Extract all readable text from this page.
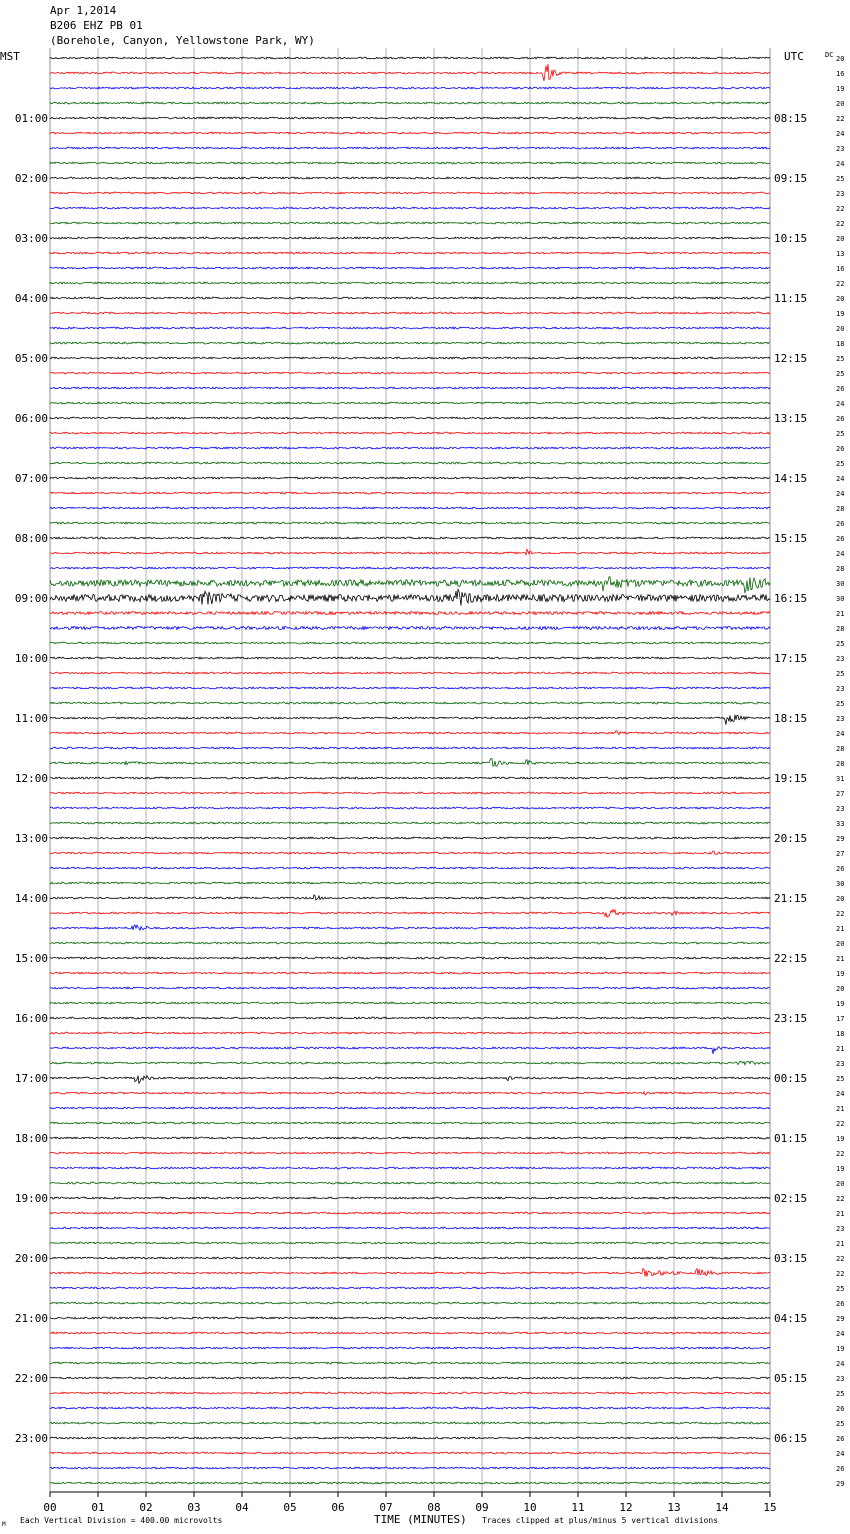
Apr 1,2014
B206 EHZ PB 01
(Borehole, Canyon, Yellowstone Park, WY)
00	01	02	03	04	05	06	07	08	09	10	11	12	13	14	15
01:00	08:15
02:00	09:15
03:00	10:15
04:00	11:15
05:00	12:15
06:00	13:15
07:00	14:15
08:00	15:15
09:00	16:15
10:00	17:15
11:00	18:15
12:00	19:15
13:00	20:15
14:00	21:15
15:00	22:15
16:00	23:15
17:00	00:15
18:00	01:15
19:00	02:15
20:00	03:15
21:00	04:15
22:00	05:15
23:00	06:15
20
16
19
20
22
24
23
24
25
23
22
22
20
13
16
22
20
19
20
18
25
25
26
24
26
25
26
25
24
24
28
26
26
24
28
30
30
21
28
25
23
25
23
25
23
24
28
28
31
27
23
33
29
27
26
30
20
22
21
20
21
19
20
19
17
18
21
23
25
24
21
22
19
22
19
20
22
21
23
21
22
22
25
26
29
24
19
24
23
25
26
25
26
24
26
29
MST	UTC	DC
TIME (MINUTES)
M Each Vertical Division = 400.00 microvolts	Traces clipped at plus/minus 5 vertical divisions
